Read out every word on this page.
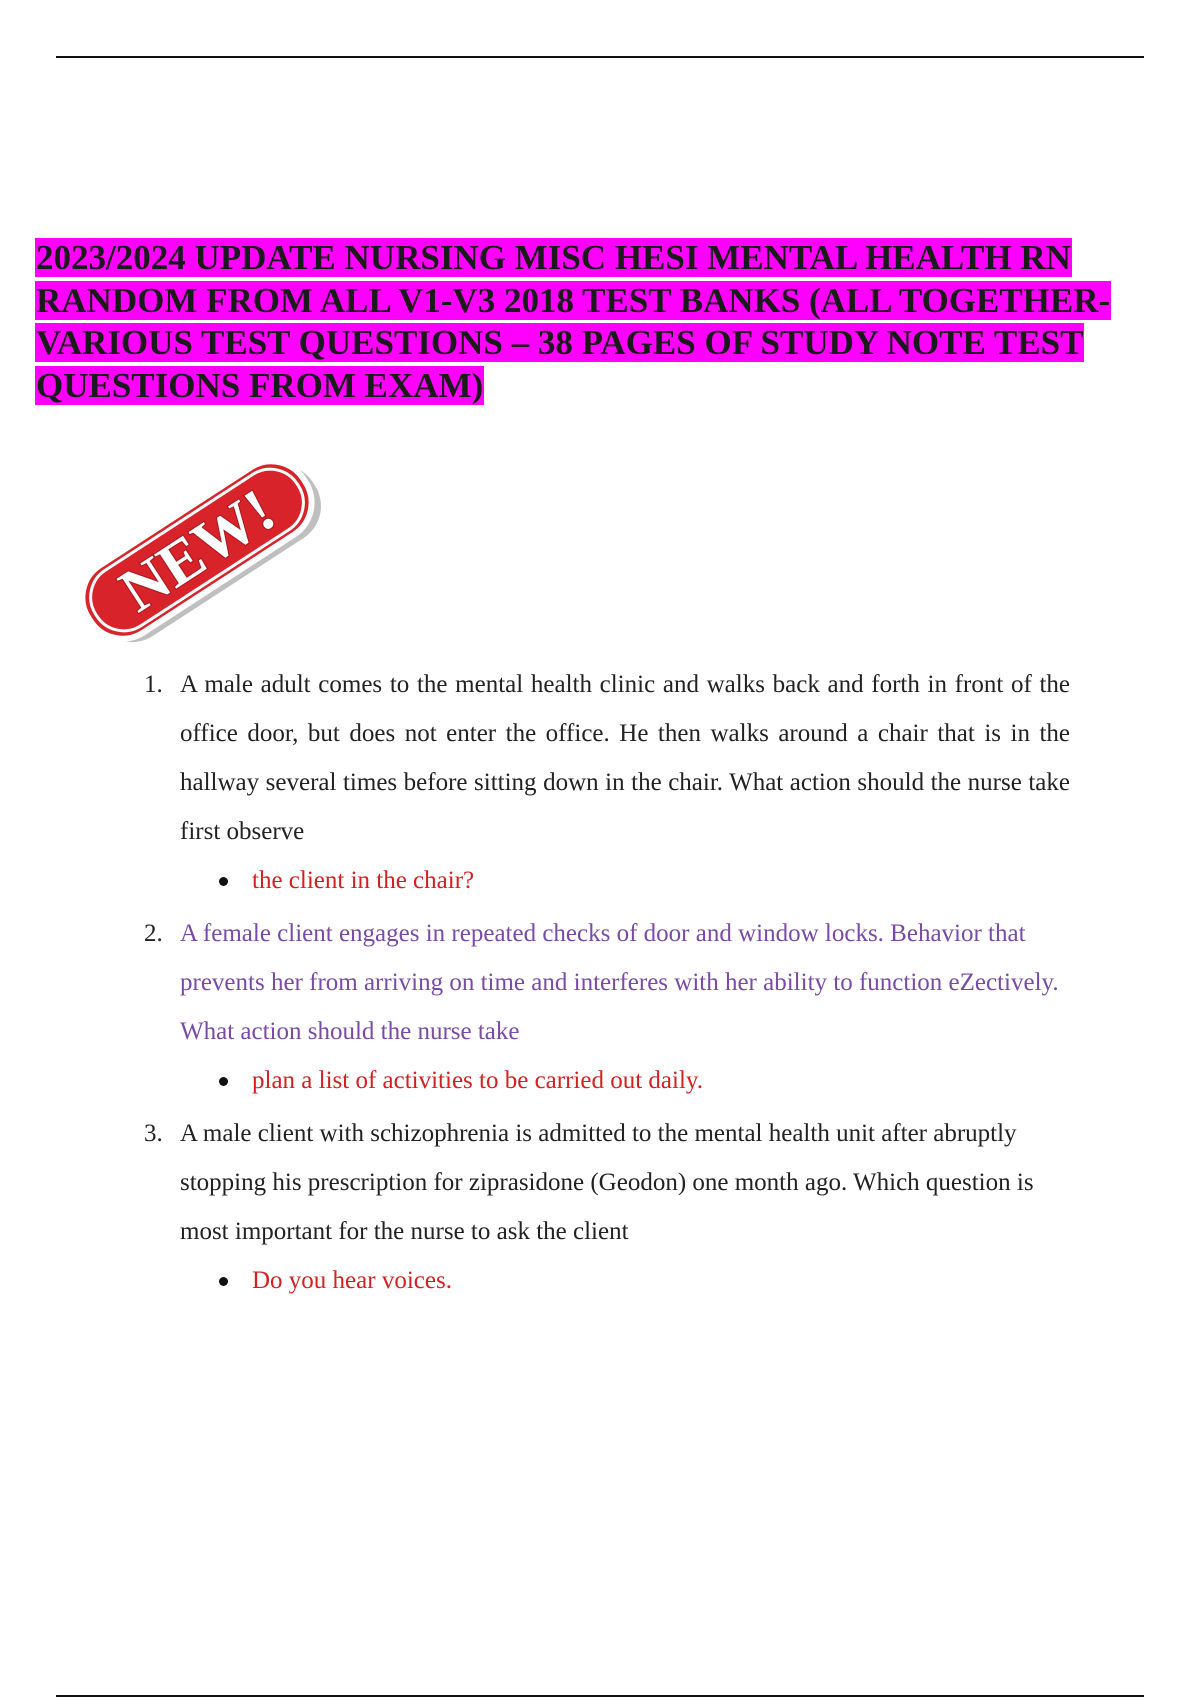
2023/2024 UPDATE NURSING MISC HESI MENTAL HEALTH RN RANDOM FROM ALL V1-V3 2018 TEST BANKS (ALL TOGETHER-VARIOUS TEST QUESTIONS – 38 PAGES OF STUDY NOTE TEST QUESTIONS FROM EXAM)
NEW!
1. A male adult comes to the mental health clinic and walks back and forth in front of the office door, but does not enter the office. He then walks around a chair that is in the hallway several times before sitting down in the chair. What action should the nurse take first observe
the client in the chair?
2. A female client engages in repeated checks of door and window locks. Behavior that prevents her from arriving on time and interferes with her ability to function eZectively. What action should the nurse take
plan a list of activities to be carried out daily.
3. A male client with schizophrenia is admitted to the mental health unit after abruptly stopping his prescription for ziprasidone (Geodon) one month ago. Which question is most important for the nurse to ask the client
Do you hear voices.
